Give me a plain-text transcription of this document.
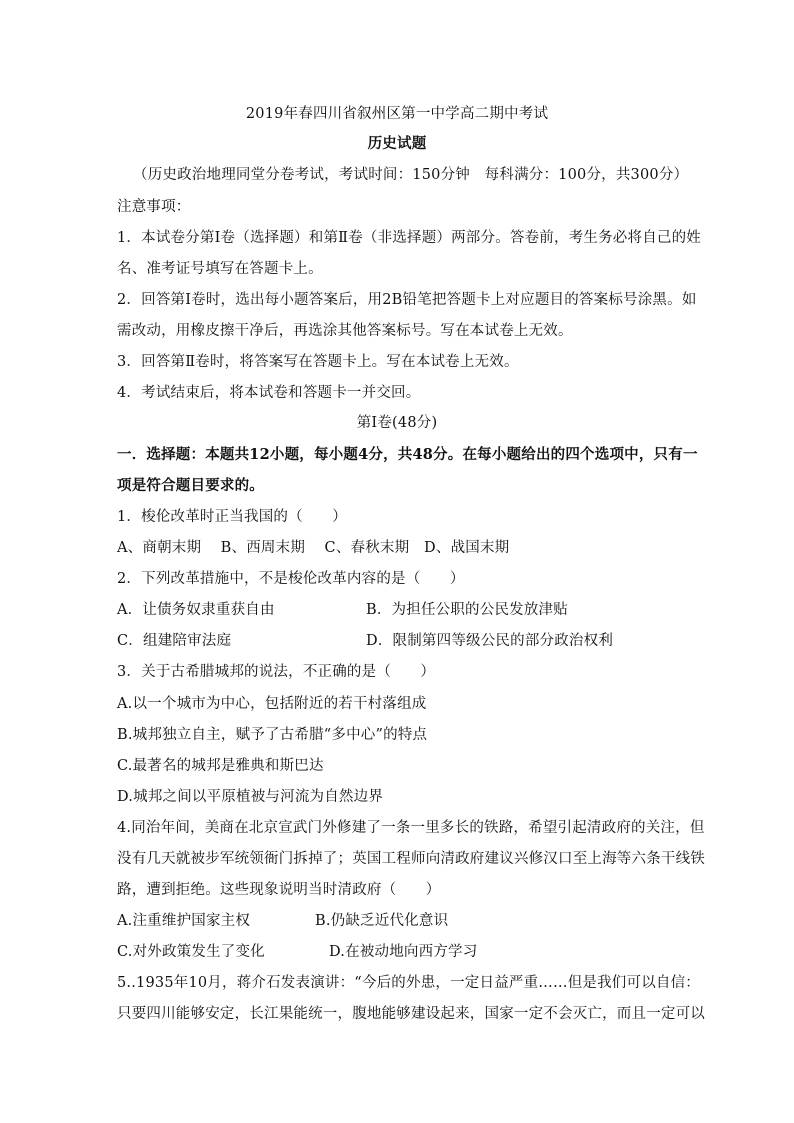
2019年春四川省叙州区第一中学高二期中考试
历史试题
（历史政治地理同堂分卷考试，考试时间：150分钟　每科满分：100分，共300分）
注意事项：
1．本试卷分第Ⅰ卷（选择题）和第Ⅱ卷（非选择题）两部分。答卷前，考生务必将自己的姓
名、准考证号填写在答题卡上。
2．回答第Ⅰ卷时，选出每小题答案后，用2B铅笔把答题卡上对应题目的答案标号涂黑。如
需改动，用橡皮擦干净后，再选涂其他答案标号。写在本试卷上无效。
3．回答第Ⅱ卷时，将答案写在答题卡上。写在本试卷上无效。
4．考试结束后，将本试卷和答题卡一并交回。
第Ⅰ卷(48分)
一．选择题：本题共12小题，每小题4分，共48分。在每小题给出的四个选项中，只有一
项是符合题目要求的。
1．梭伦改革时正当我国的（　　）
A、商朝末期　 B、西周末期　 C、春秋末期　D、战国末期
2．下列改革措施中，不是梭伦改革内容的是（　　）
A．让债务奴隶重获自由	B．为担任公职的公民发放津贴
C．组建陪审法庭	D．限制第四等级公民的部分政治权利
3．关于古希腊城邦的说法，不正确的是（　　）
A.以一个城市为中心，包括附近的若干村落组成
B.城邦独立自主，赋予了古希腊“多中心”的特点
C.最著名的城邦是雅典和斯巴达
D.城邦之间以平原植被与河流为自然边界
4.同治年间，美商在北京宣武门外修建了一条一里多长的铁路，希望引起清政府的关注，但
没有几天就被步军统领衙门拆掉了；英国工程师向清政府建议兴修汉口至上海等六条干线铁
路，遭到拒绝。这些现象说明当时清政府（　　）
A.注重维护国家主权	B.仍缺乏近代化意识
C.对外政策发生了变化	D.在被动地向西方学习
5..1935年10月，蒋介石发表演讲：“今后的外患，一定日益严重……但是我们可以自信：
只要四川能够安定，长江果能统一，腹地能够建设起来，国家一定不会灭亡，而且一定可以
